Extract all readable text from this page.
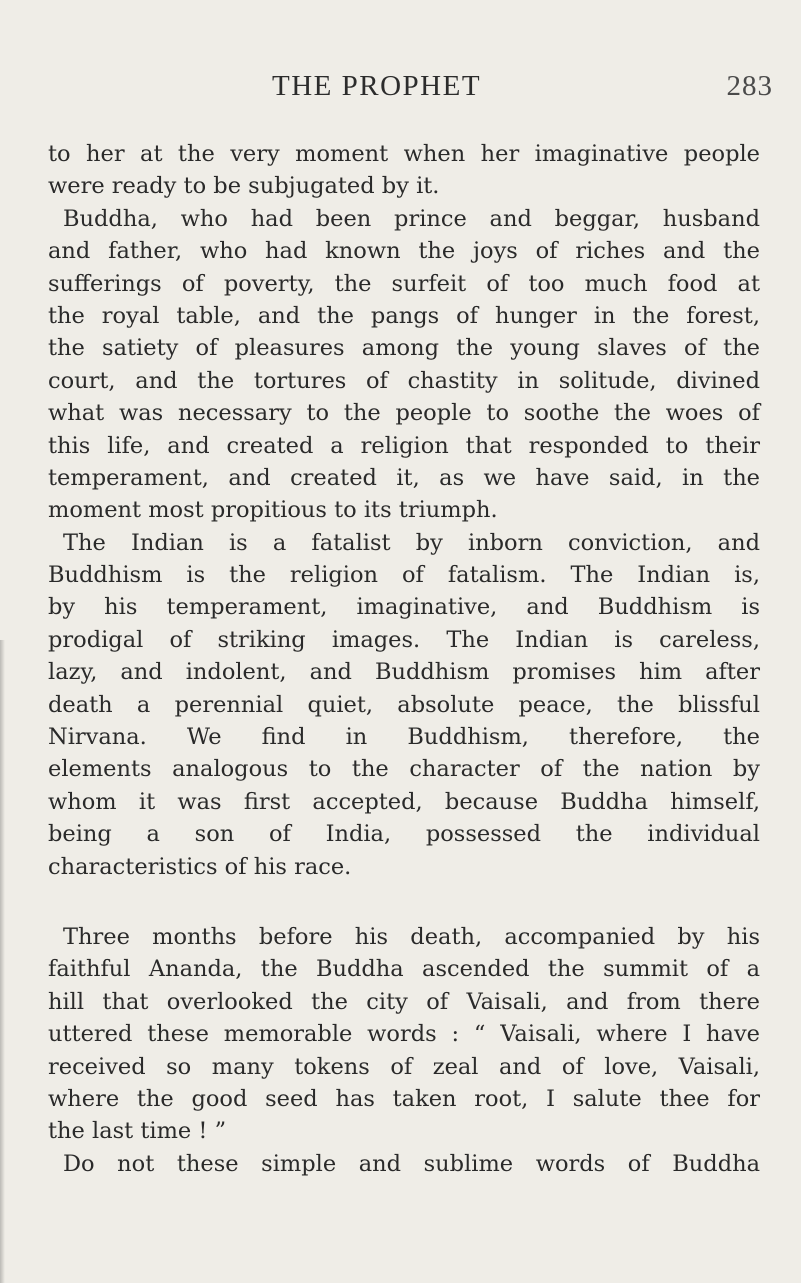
THE PROPHET	283
to her at the very moment when her imaginative people
were ready to be subjugated by it.
Buddha, who had been prince and beggar, husband
and father, who had known the joys of riches and the
sufferings of poverty, the surfeit of too much food at
the royal table, and the pangs of hunger in the forest,
the satiety of pleasures among the young slaves of the
court, and the tortures of chastity in solitude, divined
what was necessary to the people to soothe the woes of
this life, and created a religion that responded to their
temperament, and created it, as we have said, in the
moment most propitious to its triumph.
The Indian is a fatalist by inborn conviction, and
Buddhism is the religion of fatalism. The Indian is,
by his temperament, imaginative, and Buddhism is
prodigal of striking images. The Indian is careless,
lazy, and indolent, and Buddhism promises him after
death a perennial quiet, absolute peace, the blissful
Nirvana. We find in Buddhism, therefore, the
elements analogous to the character of the nation by
whom it was first accepted, because Buddha himself,
being a son of India, possessed the individual
characteristics of his race.
Three months before his death, accompanied by his
faithful Ananda, the Buddha ascended the summit of a
hill that overlooked the city of Vaisali, and from there
uttered these memorable words : “ Vaisali, where I have
received so many tokens of zeal and of love, Vaisali,
where the good seed has taken root, I salute thee for
the last time ! ”
Do not these simple and sublime words of Buddha
